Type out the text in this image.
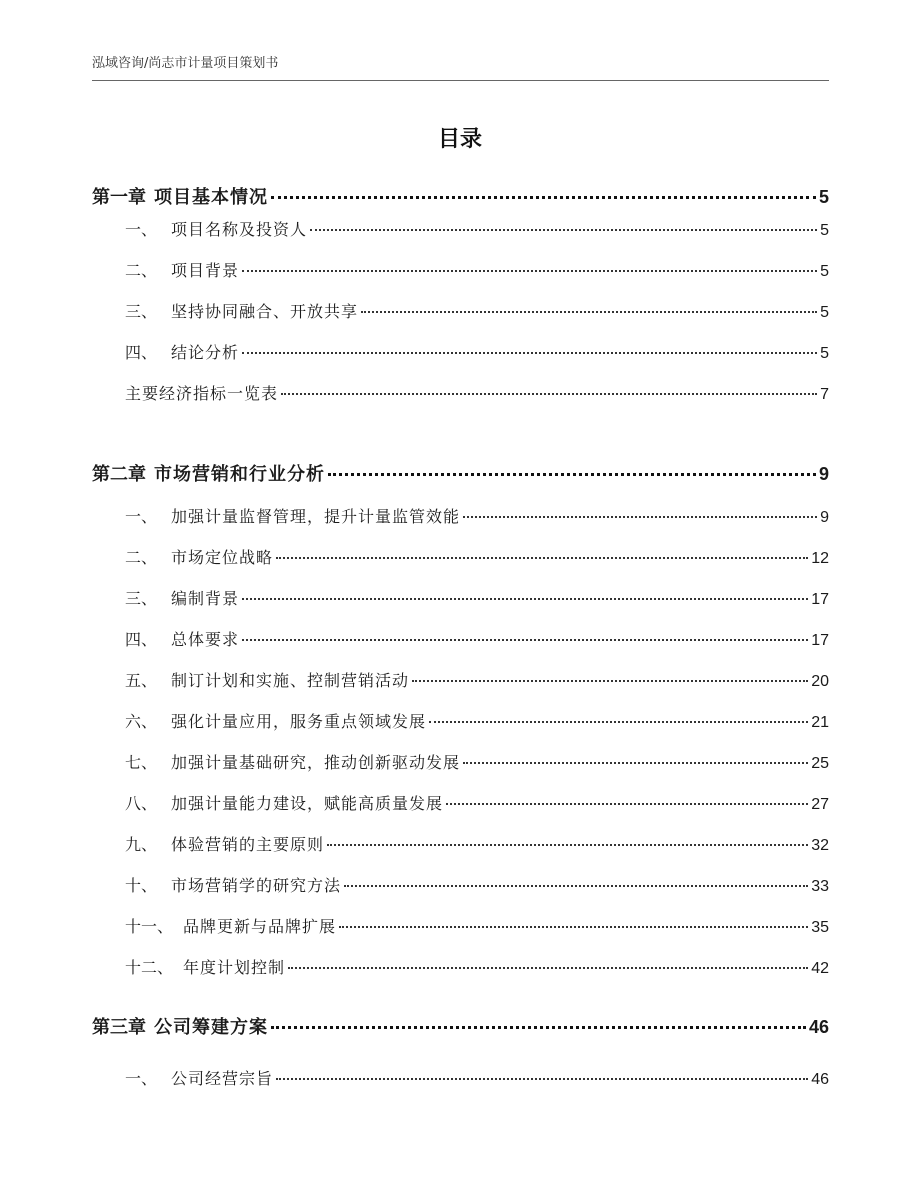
泓域咨询/尚志市计量项目策划书
目录
第一章 项目基本情况	5
一、 项目名称及投资人	5
二、 项目背景	5
三、 坚持协同融合、开放共享	5
四、 结论分析	5
主要经济指标一览表	7
第二章 市场营销和行业分析	9
一、 加强计量监督管理，提升计量监管效能	9
二、 市场定位战略	12
三、 编制背景	17
四、 总体要求	17
五、 制订计划和实施、控制营销活动	20
六、 强化计量应用，服务重点领域发展	21
七、 加强计量基础研究，推动创新驱动发展	25
八、 加强计量能力建设，赋能高质量发展	27
九、 体验营销的主要原则	32
十、 市场营销学的研究方法	33
十一、 品牌更新与品牌扩展	35
十二、 年度计划控制	42
第三章 公司筹建方案	46
一、 公司经营宗旨	46
